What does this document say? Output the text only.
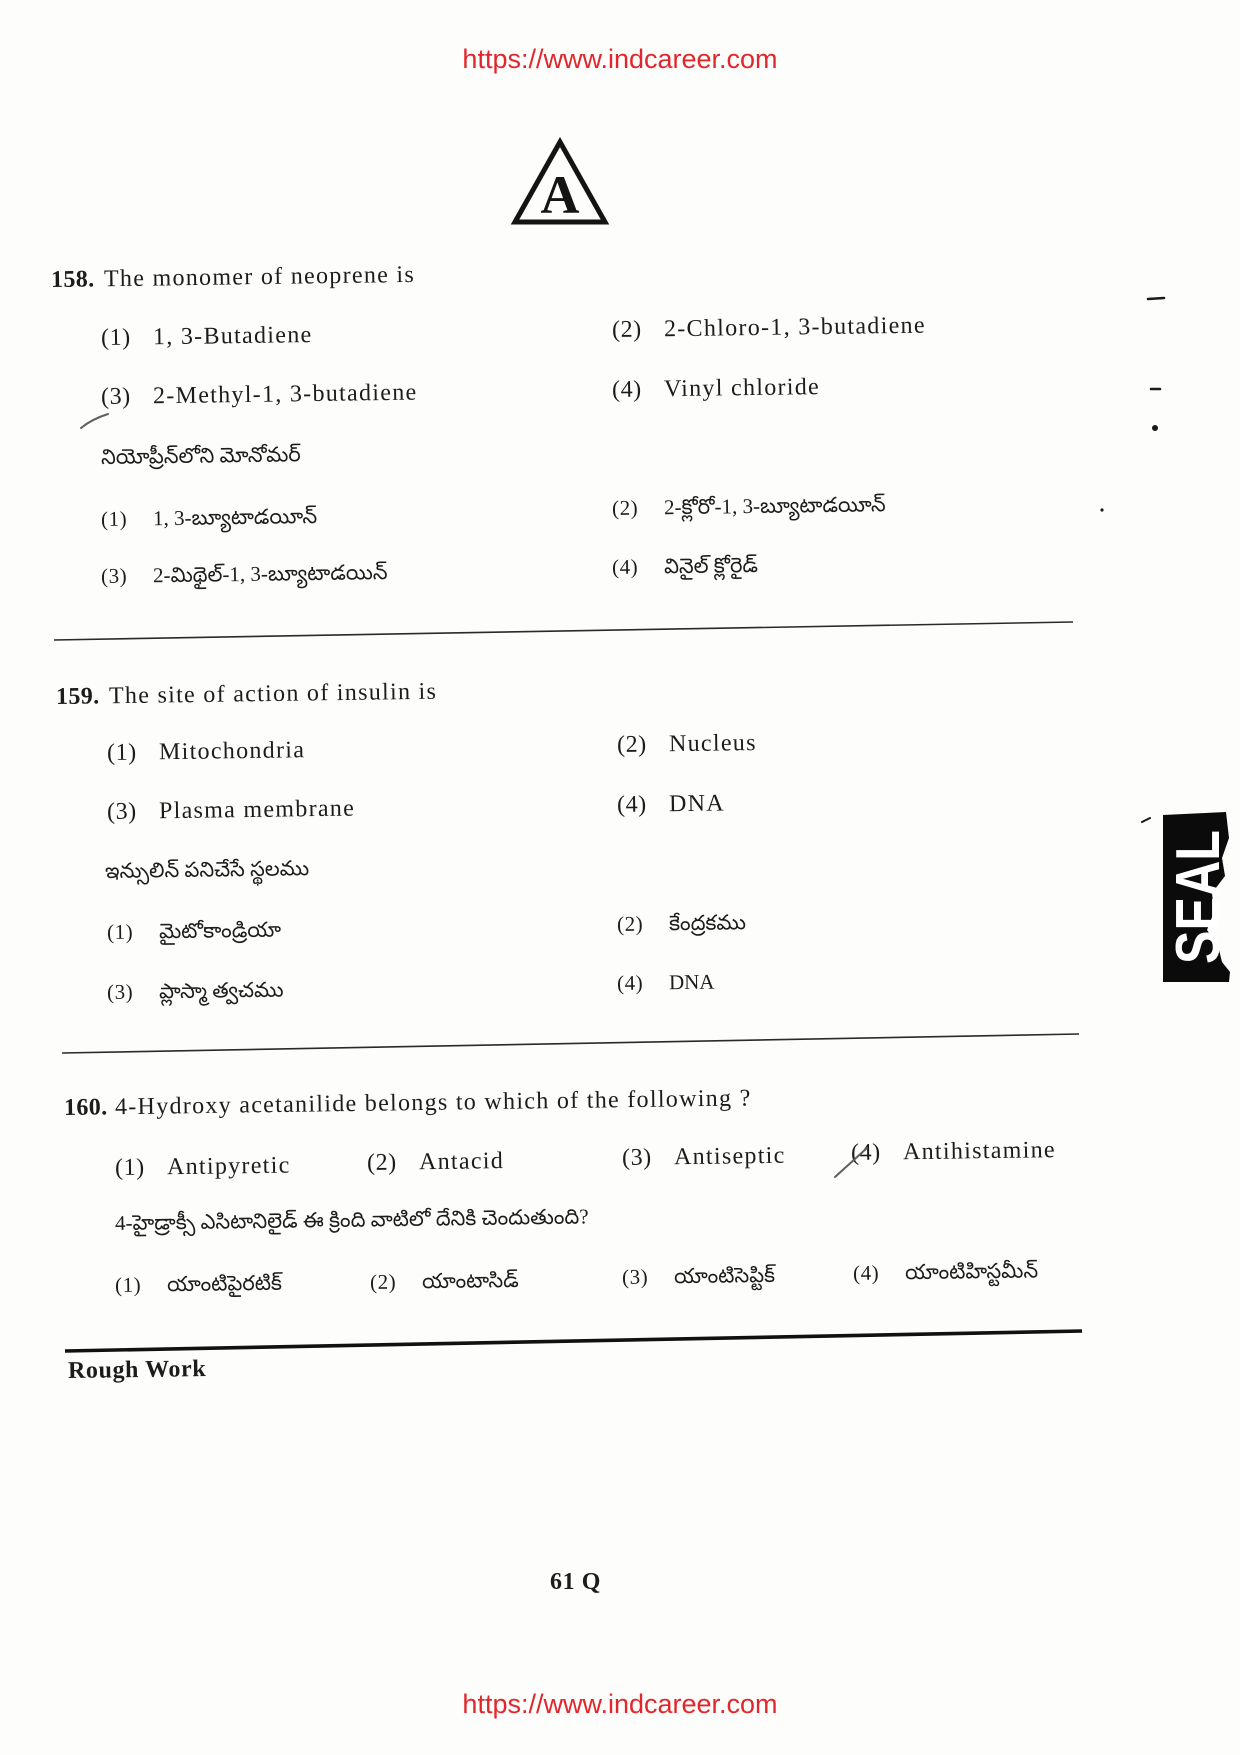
https://www.indcareer.com
158. The monomer of neoprene is
(1) 1, 3-Butadiene	(2) 2-Chloro-1, 3-butadiene
(3) 2-Methyl-1, 3-butadiene	(4) Vinyl chloride
నియోప్రీన్‌లోని మోనోమర్
(1) 1, 3-బ్యూటాడయీన్	(2) 2-క్లోరో-1, 3-బ్యూటాడయీన్
(3) 2-మిథైల్-1, 3-బ్యూటాడయిన్	(4) వినైల్ క్లోరైడ్
159. The site of action of insulin is
(1) Mitochondria	(2) Nucleus
(3) Plasma membrane	(4) DNA
ఇన్సులిన్ పనిచేసే స్థలము
(1) మైటోకాండ్రియా	(2) కేంద్రకము
(3) ప్లాస్మా త్వచము	(4) DNA
160. 4-Hydroxy acetanilide belongs to which of the following ?
(1) Antipyretic	(2) Antacid	(3) Antiseptic	(4) Antihistamine
4-హైడ్రాక్సీ ఎసిటానిలైడ్ ఈ క్రింది వాటిలో దేనికి చెందుతుంది?
(1) యాంటిపైరటిక్	(2) యాంటాసిడ్	(3) యాంటిసెప్టిక్	(4) యాంటిహిస్టమీన్
Rough Work
61 Q
https://www.indcareer.com
A
SEAL
